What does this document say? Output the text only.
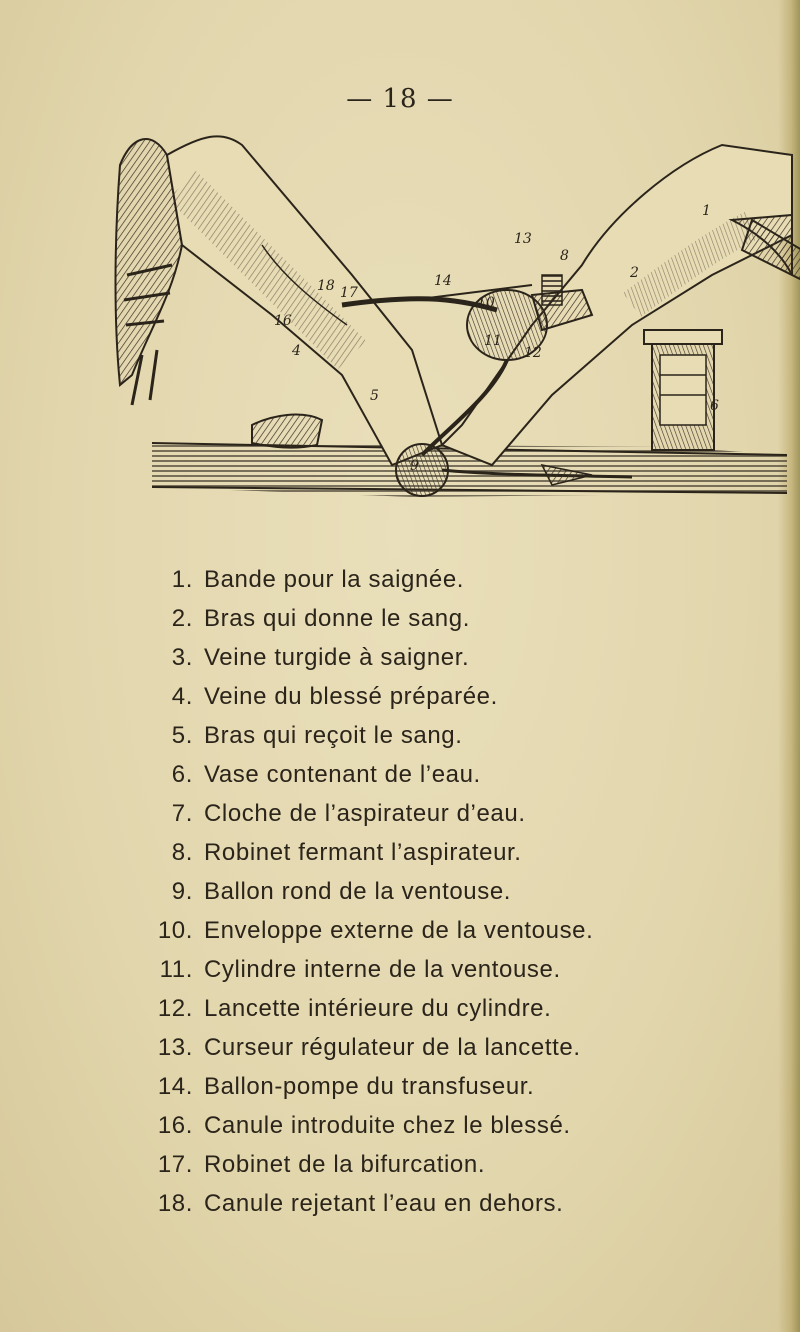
— 18 —
1
2
4
5
6
8
9
10
11
12
13
14
16
17
18
1. Bande pour la saignée.
2. Bras qui donne le sang.
3. Veine turgide à saigner.
4. Veine du blessé préparée.
5. Bras qui reçoit le sang.
6. Vase contenant de l’eau.
7. Cloche de l’aspirateur d’eau.
8. Robinet fermant l’aspirateur.
9. Ballon rond de la ventouse.
10. Enveloppe externe de la ventouse.
11. Cylindre interne de la ventouse.
12. Lancette intérieure du cylindre.
13. Curseur régulateur de la lancette.
14. Ballon-pompe du transfuseur.
16. Canule introduite chez le blessé.
17. Robinet de la bifurcation.
18. Canule rejetant l’eau en dehors.
